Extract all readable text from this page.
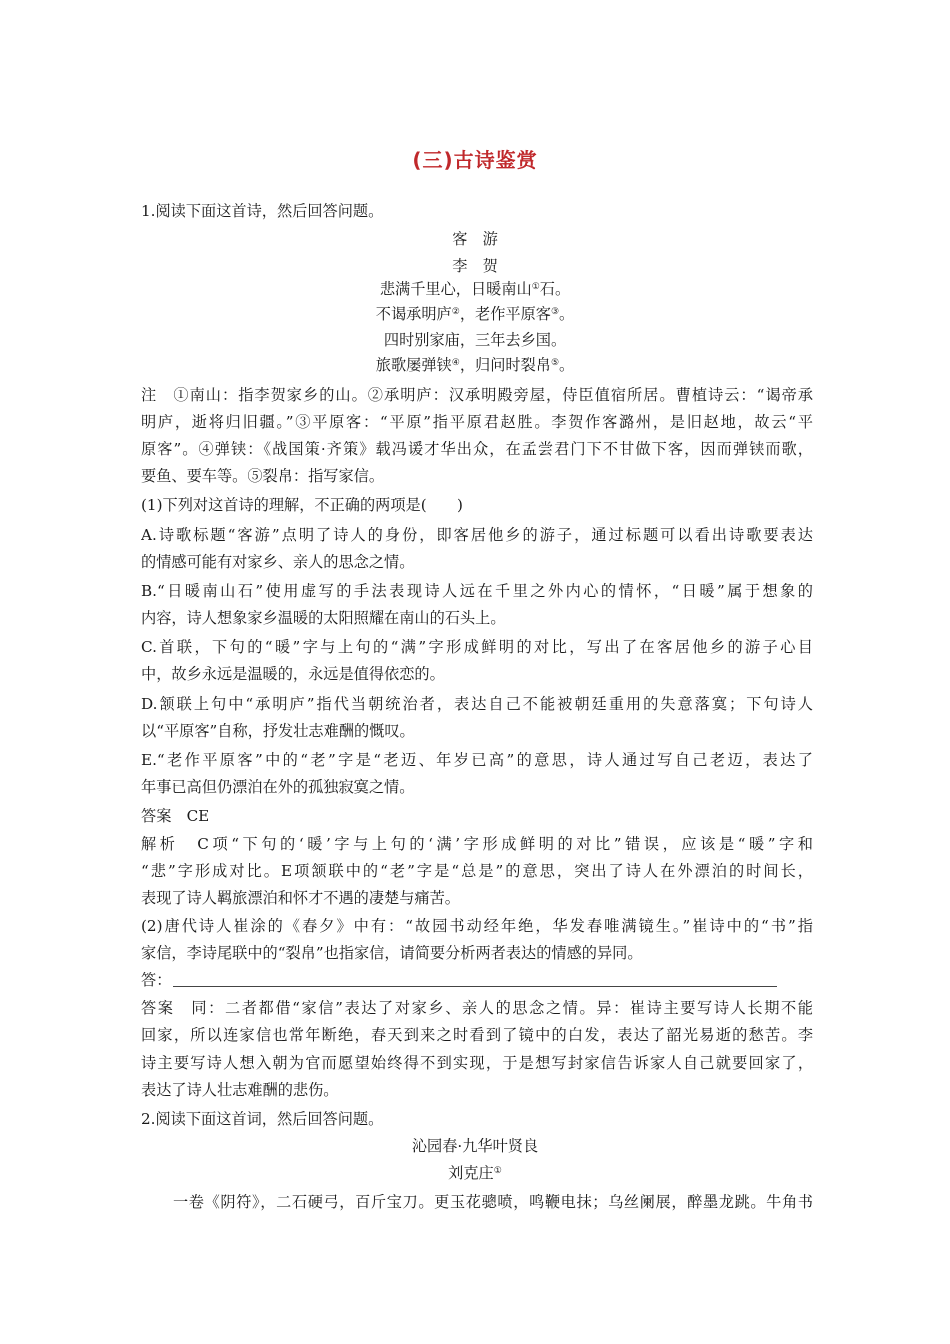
(三)古诗鉴赏
1.阅读下面这首诗，然后回答问题。
客　游
李　贺
悲满千里心，日暖南山①石。
不谒承明庐②，老作平原客③。
四时别家庙，三年去乡国。
旅歌屡弹铗④，归问时裂帛⑤。
注　①南山：指李贺家乡的山。②承明庐：汉承明殿旁屋，侍臣值宿所居。曹植诗云：“谒帝承
明庐，逝将归旧疆。”③平原客：“平原”指平原君赵胜。李贺作客潞州，是旧赵地，故云“平
原客”。④弹铗：《战国策·齐策》载冯谖才华出众，在孟尝君门下不甘做下客，因而弹铗而歌，
要鱼、要车等。⑤裂帛：指写家信。
(1)下列对这首诗的理解，不正确的两项是(　　)
A.诗歌标题“客游”点明了诗人的身份，即客居他乡的游子，通过标题可以看出诗歌要表达
的情感可能有对家乡、亲人的思念之情。
B.“日暖南山石”使用虚写的手法表现诗人远在千里之外内心的情怀，“日暖”属于想象的
内容，诗人想象家乡温暖的太阳照耀在南山的石头上。
C.首联，下句的“暖”字与上句的“满”字形成鲜明的对比，写出了在客居他乡的游子心目
中，故乡永远是温暖的，永远是值得依恋的。
D.颔联上句中“承明庐”指代当朝统治者，表达自己不能被朝廷重用的失意落寞；下句诗人
以“平原客”自称，抒发壮志难酬的慨叹。
E.“老作平原客”中的“老”字是“老迈、年岁已高”的意思，诗人通过写自己老迈，表达了
年事已高但仍漂泊在外的孤独寂寞之情。
答案　CE
解析　C项“下句的‘暖’字与上句的‘满’字形成鲜明的对比”错误，应该是“暖”字和
“悲”字形成对比。E项颔联中的“老”字是“总是”的意思，突出了诗人在外漂泊的时间长，
表现了诗人羁旅漂泊和怀才不遇的凄楚与痛苦。
(2)唐代诗人崔涂的《春夕》中有：“故园书动经年绝，华发春唯满镜生。”崔诗中的“书”指
家信，李诗尾联中的“裂帛”也指家信，请简要分析两者表达的情感的异同。
答：
答案　同：二者都借“家信”表达了对家乡、亲人的思念之情。异：崔诗主要写诗人长期不能
回家，所以连家信也常年断绝，春天到来之时看到了镜中的白发，表达了韶光易逝的愁苦。李
诗主要写诗人想入朝为官而愿望始终得不到实现，于是想写封家信告诉家人自己就要回家了，
表达了诗人壮志难酬的悲伤。
2.阅读下面这首词，然后回答问题。
沁园春·九华叶贤良
刘克庄①
一卷《阴符》，二石硬弓，百斤宝刀。更玉花骢喷，鸣鞭电抹；乌丝阑展，醉墨龙跳。牛角书
